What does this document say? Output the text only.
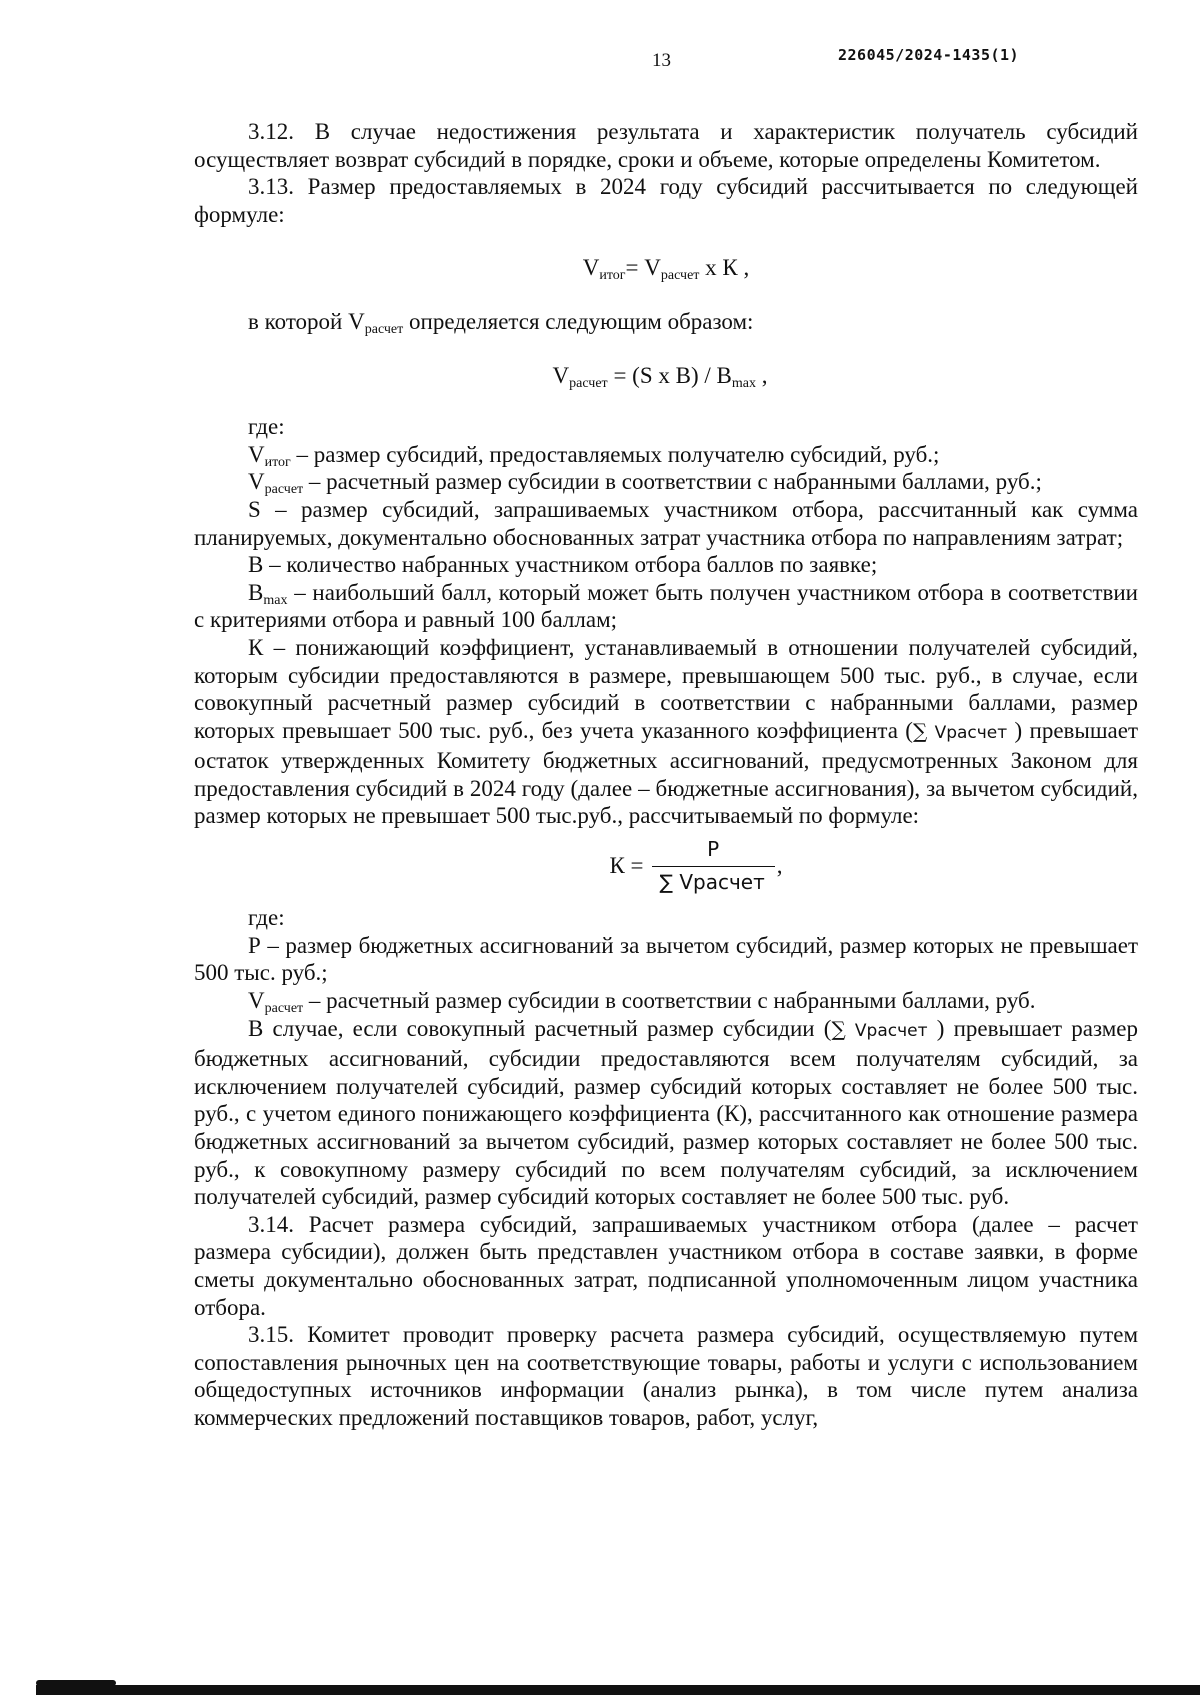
13	226045/2024-1435(1)

3.12. В случае недостижения результата и характеристик получатель субсидий осуществляет возврат субсидий в порядке, сроки и объеме, которые определены Комитетом.

3.13. Размер предоставляемых в 2024 году субсидий рассчитывается по следующей формуле:

$V_{итог}= V_{расчет}$ х К ,

в которой $V_{расчет}$ определяется следующим образом:

$V_{расчет} = (S$ х $В) / В_{max}$ ,

где:

$V_{итог}$ – размер субсидий, предоставляемых получателю субсидий, руб.;

$V_{расчет}$ – расчетный размер субсидии в соответствии с набранными баллами, руб.;

S – размер субсидий, запрашиваемых участником отбора, рассчитанный как сумма планируемых, документально обоснованных затрат участника отбора по направлениям затрат;

В – количество набранных участником отбора баллов по заявке;

$В_{max}$ – наибольший балл, который может быть получен участником отбора в соответствии с критериями отбора и равный 100 баллам;

К – понижающий коэффициент, устанавливаемый в отношении получателей субсидий, которым субсидии предоставляются в размере, превышающем 500 тыс. руб., в случае, если совокупный расчетный размер субсидий в соответствии с набранными баллами, размер которых превышает 500 тыс. руб., без учета указанного коэффициента (∑ Vрасчет ) превышает остаток утвержденных Комитету бюджетных ассигнований, предусмотренных Законом для предоставления субсидий в 2024 году (далее – бюджетные ассигнования), за вычетом субсидий, размер которых не превышает 500 тыс.руб., рассчитываемый по формуле:

$К = \frac{P}{\text{∑ Vрасчет}}$ ,

где:

Р – размер бюджетных ассигнований за вычетом субсидий, размер которых не превышает 500 тыс. руб.;

$V_{расчет}$ – расчетный размер субсидии в соответствии с набранными баллами, руб.

В случае, если совокупный расчетный размер субсидии (∑ Vрасчет ) превышает размер бюджетных ассигнований, субсидии предоставляются всем получателям субсидий, за исключением получателей субсидий, размер субсидий которых составляет не более 500 тыс. руб., с учетом единого понижающего коэффициента (К), рассчитанного как отношение размера бюджетных ассигнований за вычетом субсидий, размер которых составляет не более 500 тыс. руб., к совокупному размеру субсидий по всем получателям субсидий, за исключением получателей субсидий, размер субсидий которых составляет не более 500 тыс. руб.

3.14. Расчет размера субсидий, запрашиваемых участником отбора (далее – расчет размера субсидии), должен быть представлен участником отбора в составе заявки, в форме сметы документально обоснованных затрат, подписанной уполномоченным лицом участника отбора.

3.15. Комитет проводит проверку расчета размера субсидий, осуществляемую путем сопоставления рыночных цен на соответствующие товары, работы и услуги с использованием общедоступных источников информации (анализ рынка), в том числе путем анализа коммерческих предложений поставщиков товаров, работ, услуг,
